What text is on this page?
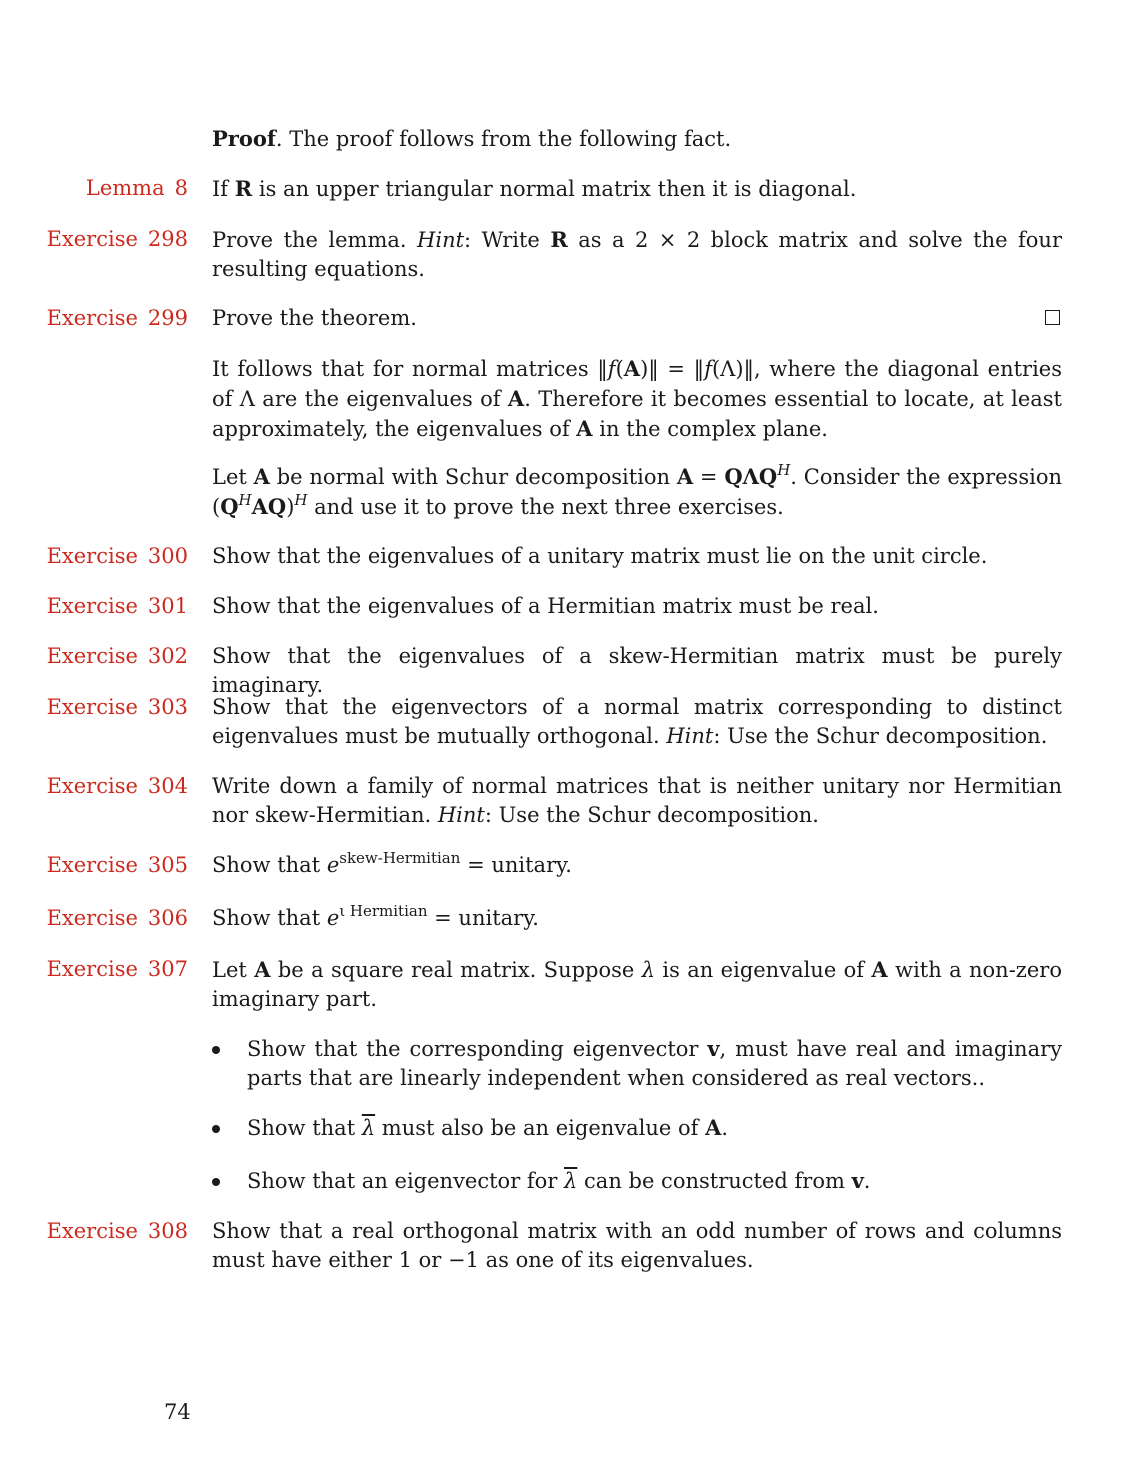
Proof. The proof follows from the following fact.
Lemma 8 If R is an upper triangular normal matrix then it is diagonal.
Exercise 298 Prove the lemma. Hint: Write R as a 2 × 2 block matrix and solve the four resulting equations.
Exercise 299 Prove the theorem.
It follows that for normal matrices ‖f(A)‖ = ‖f(Λ)‖, where the diagonal entries of Λ are the eigenvalues of A. Therefore it becomes essential to locate, at least approximately, the eigenvalues of A in the complex plane.
Let A be normal with Schur decomposition $A = Q\Lambda Q^H$. Consider the expression $(Q^HAQ)^H$ and use it to prove the next three exercises.
Exercise 300 Show that the eigenvalues of a unitary matrix must lie on the unit circle.
Exercise 301 Show that the eigenvalues of a Hermitian matrix must be real.
Exercise 302 Show that the eigenvalues of a skew-Hermitian matrix must be purely imaginary.
Exercise 303 Show that the eigenvectors of a normal matrix corresponding to distinct eigenvalues must be mutually orthogonal. Hint: Use the Schur decomposition.
Exercise 304 Write down a family of normal matrices that is neither unitary nor Hermitian nor skew-Hermitian. Hint: Use the Schur decomposition.
Exercise 305 Show that $e^{skew-Hermitian}$ = unitary.
Exercise 306 Show that $e^{\iota Hermitian}$ = unitary.
Exercise 307 Let A be a square real matrix. Suppose λ is an eigenvalue of A with a non-zero imaginary part.
Show that the corresponding eigenvector v, must have real and imaginary parts that are linearly independent when considered as real vectors..
Show that $\overline{\lambda}$ must also be an eigenvalue of A.
Show that an eigenvector for $\overline{\lambda}$ can be constructed from v.
Exercise 308 Show that a real orthogonal matrix with an odd number of rows and columns must have either 1 or −1 as one of its eigenvalues.
74
